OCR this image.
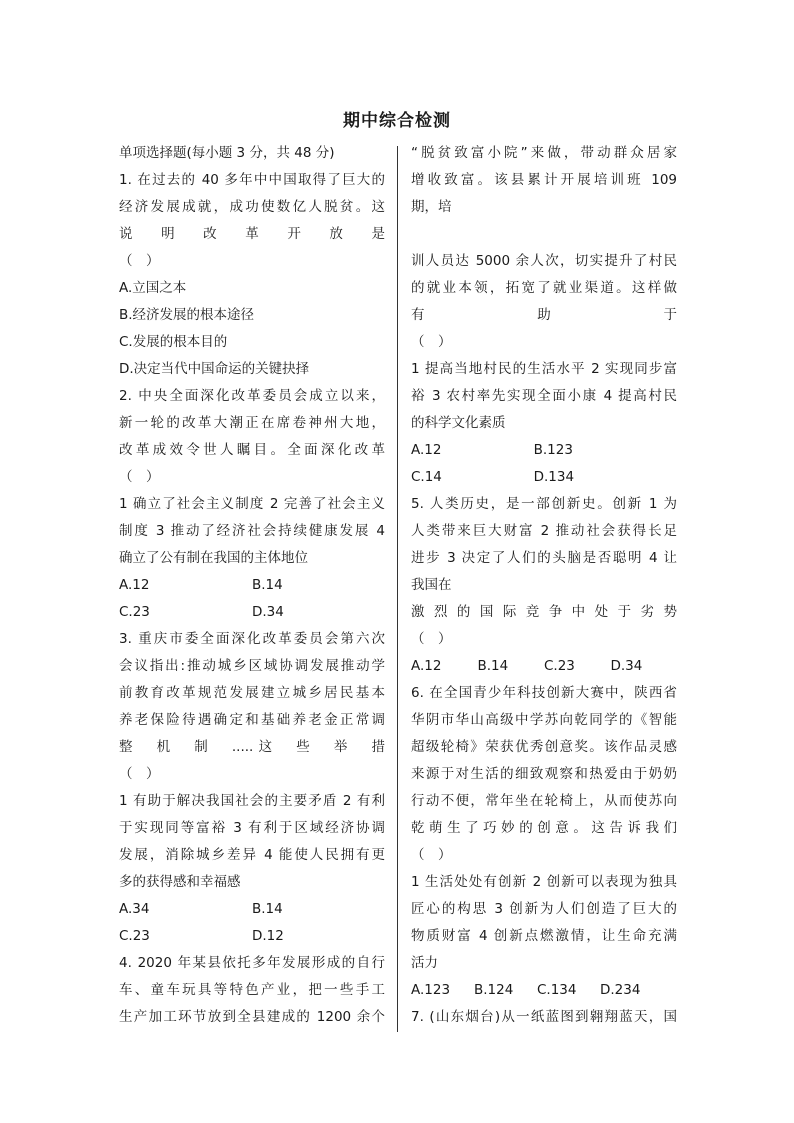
期中综合检测
单项选择题(每小题 3 分，共 48 分)
1. 在过去的 40 多年中中国取得了巨大的
经济发展成就，成功使数亿人脱贫。这
说　明　改　革　开　放　是
（　）
A.立国之本
B.经济发展的根本途径
C.发展的根本目的
D.决定当代中国命运的关键抉择
2. 中央全面深化改革委员会成立以来，
新一轮的改革大潮正在席卷神州大地，
改革成效令世人瞩目。全面深化改革
（　）
1 确立了社会主义制度 2 完善了社会主义
制度 3 推动了经济社会持续健康发展 4
确立了公有制在我国的主体地位
A.12	B.14
C.23	D.34
3. 重庆市委全面深化改革委员会第六次
会议指出:推动城乡区域协调发展推动学
前教育改革规范发展建立城乡居民基本
养老保险待遇确定和基础养老金正常调
整　机　制　.....这　些　举　措
（　）
1 有助于解决我国社会的主要矛盾 2 有利
于实现同等富裕 3 有利于区域经济协调
发展，消除城乡差异 4 能使人民拥有更
多的获得感和幸福感
A.34	B.14
C.23	D.12
4. 2020 年某县依托多年发展形成的自行
车、童车玩具等特色产业，把一些手工
生产加工环节放到全县建成的 1200 余个
“脱贫致富小院”来做，带动群众居家
增收致富。该县累计开展培训班 109
期，培
训人员达 5000 余人次，切实提升了村民
的就业本领，拓宽了就业渠道。这样做
有　　　　助　　　　于
（　）
1 提高当地村民的生活水平 2 实现同步富
裕 3 农村率先实现全面小康 4 提高村民
的科学文化素质
A.12	B.123
C.14	D.134
5. 人类历史，是一部创新史。创新 1 为
人类带来巨大财富 2 推动社会获得长足
进步 3 决定了人们的头脑是否聪明 4 让
我国在
激烈的国际竞争中处于劣势
（　）
A.12	B.14	C.23	D.34
6. 在全国青少年科技创新大赛中，陕西省
华阴市华山高级中学苏向乾同学的《智能
超级轮椅》荣获优秀创意奖。该作品灵感
来源于对生活的细致观察和热爱由于奶奶
行动不便，常年坐在轮椅上，从而使苏向
乾萌生了巧妙的创意。这告诉我们
（　）
1 生活处处有创新 2 创新可以表现为独具
匠心的构思 3 创新为人们创造了巨大的
物质财富 4 创新点燃激情，让生命充满
活力
A.123	B.124	C.134	D.234
7. (山东烟台)从一纸蓝图到翱翔蓝天，国
